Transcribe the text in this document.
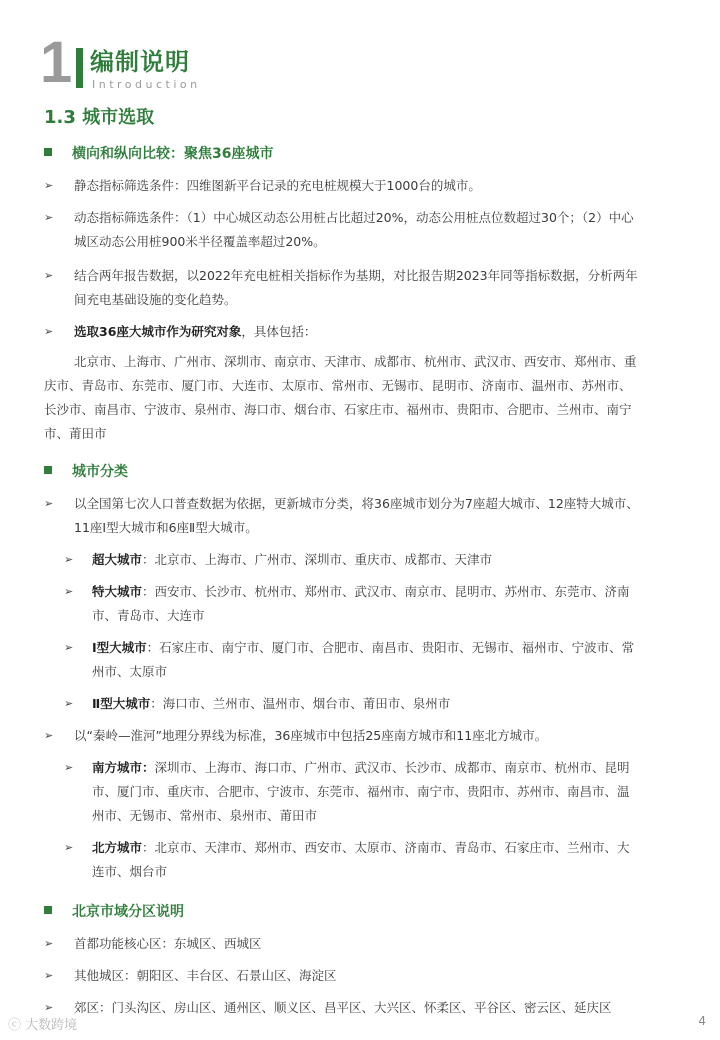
1 编制说明
Introduction
1.3 城市选取
横向和纵向比较：聚焦36座城市
➢ 静态指标筛选条件：四维图新平台记录的充电桩规模大于1000台的城市。
➢ 动态指标筛选条件：（1）中心城区动态公用桩占比超过20%，动态公用桩点位数超过30个；（2）中心
城区动态公用桩900米半径覆盖率超过20%。
➢ 结合两年报告数据，以2022年充电桩相关指标作为基期，对比报告期2023年同等指标数据，分析两年
间充电基础设施的变化趋势。
➢ 选取36座大城市作为研究对象，具体包括：
北京市、上海市、广州市、深圳市、南京市、天津市、成都市、杭州市、武汉市、西安市、郑州市、重
庆市、青岛市、东莞市、厦门市、大连市、太原市、常州市、无锡市、昆明市、济南市、温州市、苏州市、
长沙市、南昌市、宁波市、泉州市、海口市、烟台市、石家庄市、福州市、贵阳市、合肥市、兰州市、南宁
市、莆田市
城市分类
➢ 以全国第七次人口普查数据为依据，更新城市分类，将36座城市划分为7座超大城市、12座特大城市、
11座Ⅰ型大城市和6座Ⅱ型大城市。
➢ 超大城市：北京市、上海市、广州市、深圳市、重庆市、成都市、天津市
➢ 特大城市：西安市、长沙市、杭州市、郑州市、武汉市、南京市、昆明市、苏州市、东莞市、济南
市、青岛市、大连市
➢ I型大城市：石家庄市、南宁市、厦门市、合肥市、南昌市、贵阳市、无锡市、福州市、宁波市、常
州市、太原市
➢ Ⅱ型大城市：海口市、兰州市、温州市、烟台市、莆田市、泉州市
➢ 以“秦岭—淮河”地理分界线为标准，36座城市中包括25座南方城市和11座北方城市。
➢ 南方城市：深圳市、上海市、海口市、广州市、武汉市、长沙市、成都市、南京市、杭州市、昆明
市、厦门市、重庆市、合肥市、宁波市、东莞市、福州市、南宁市、贵阳市、苏州市、南昌市、温
州市、无锡市、常州市、泉州市、莆田市
➢ 北方城市：北京市、天津市、郑州市、西安市、太原市、济南市、青岛市、石家庄市、兰州市、大
连市、烟台市
北京市域分区说明
➢ 首都功能核心区：东城区、西城区
➢ 其他城区：朝阳区、丰台区、石景山区、海淀区
➢ 郊区：门头沟区、房山区、通州区、顺义区、昌平区、大兴区、怀柔区、平谷区、密云区、延庆区
ⓒ 大数跨境	4
